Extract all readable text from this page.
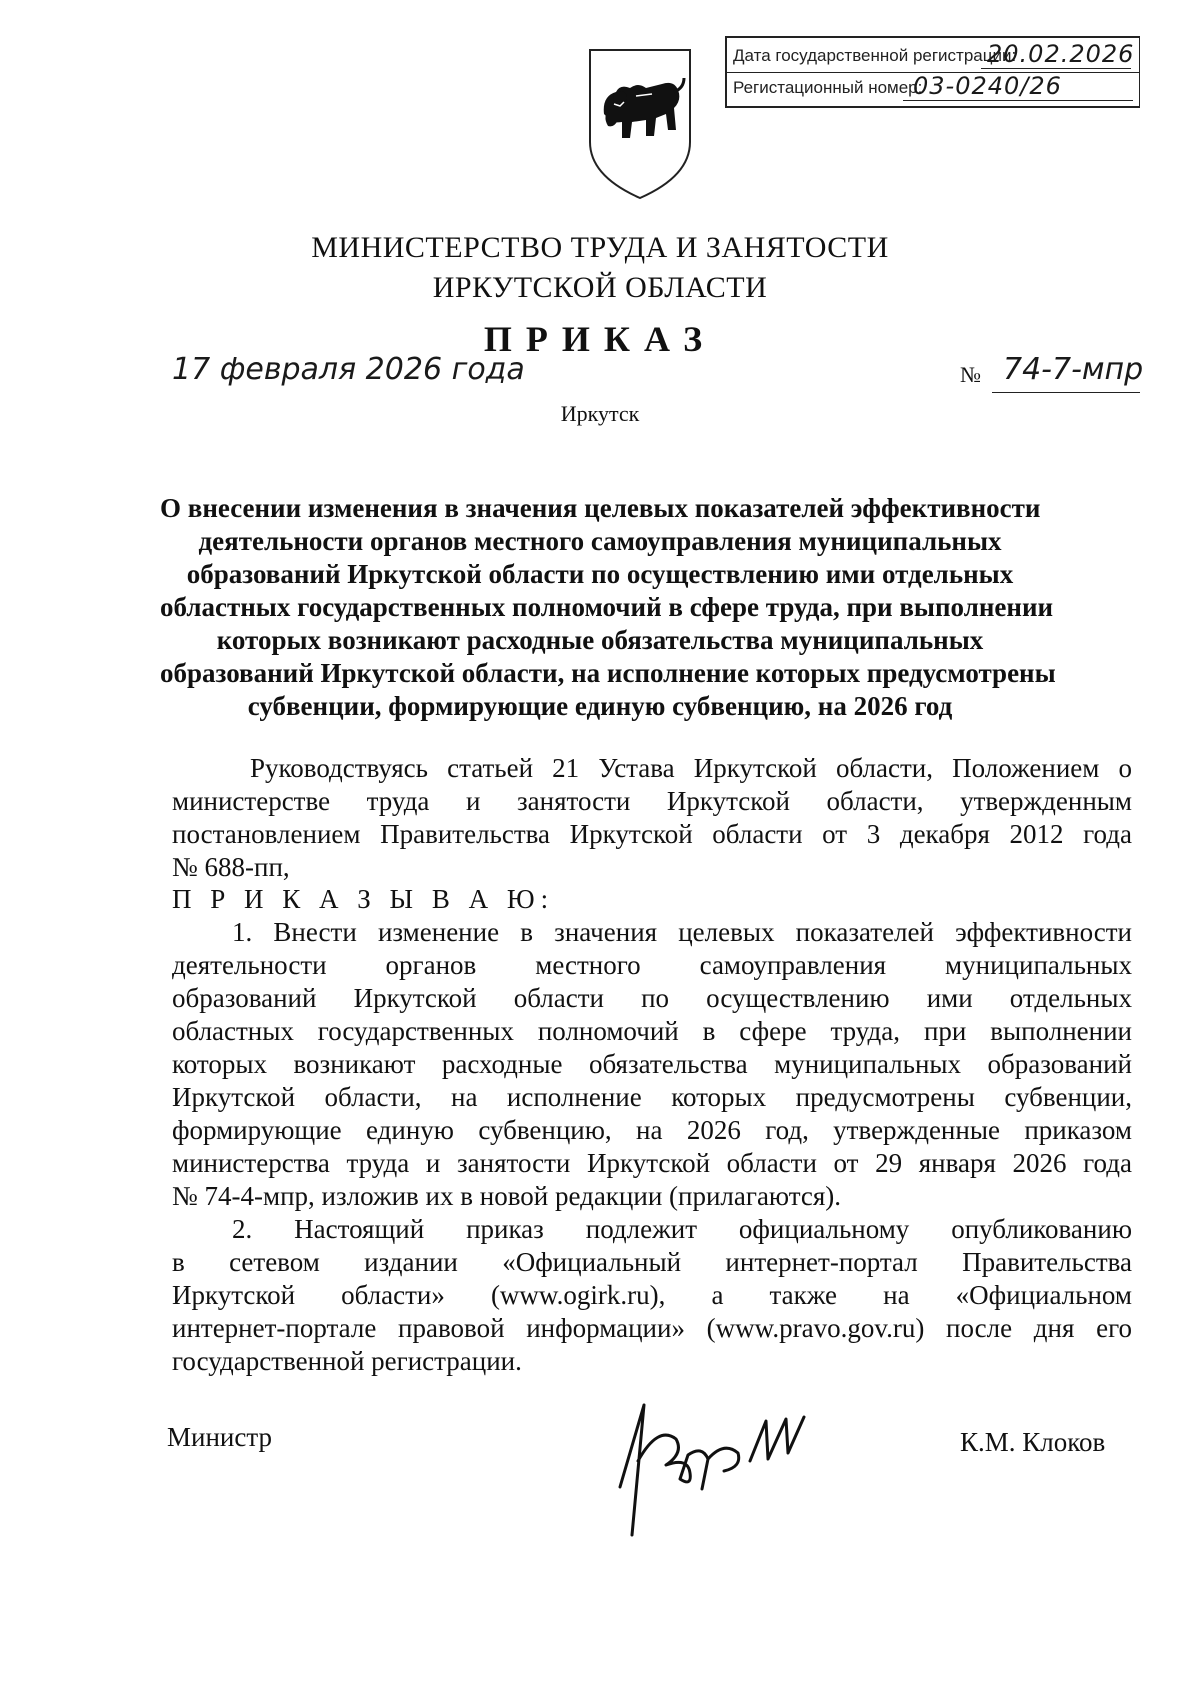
Дата государственной регистрации:
20.02.2026
Регистационный номер:
03-0240/26
МИНИСТЕРСТВО ТРУДА И ЗАНЯТОСТИ
ИРКУТСКОЙ ОБЛАСТИ
ПРИКАЗ
17 февраля 2026 года	№ 74-7-мпр
Иркутск
О внесении изменения в значения целевых показателей эффективности
деятельности органов местного самоуправления муниципальных
образований Иркутской области по осуществлению ими отдельных
областных государственных полномочий в сфере труда, при выполнении
которых возникают расходные обязательства муниципальных
образований Иркутской области, на исполнение которых предусмотрены
субвенции, формирующие единую субвенцию, на 2026 год
Руководствуясь статьей 21 Устава Иркутской области, Положением о
министерстве труда и занятости Иркутской области, утвержденным
постановлением Правительства Иркутской области от 3 декабря 2012 года
№ 688-пп,
П Р И К А З Ы В А Ю:
1. Внести изменение в значения целевых показателей эффективности
деятельности органов местного самоуправления муниципальных
образований Иркутской области по осуществлению ими отдельных
областных государственных полномочий в сфере труда, при выполнении
которых возникают расходные обязательства муниципальных образований
Иркутской области, на исполнение которых предусмотрены субвенции,
формирующие единую субвенцию, на 2026 год, утвержденные приказом
министерства труда и занятости Иркутской области от 29 января 2026 года
№ 74-4-мпр, изложив их в новой редакции (прилагаются).
2. Настоящий приказ подлежит официальному опубликованию
в сетевом издании «Официальный интернет-портал Правительства
Иркутской области» (www.ogirk.ru), а также на «Официальном
интернет-портале правовой информации» (www.pravo.gov.ru) после дня его
государственной регистрации.
Министр	К.М. Клоков
